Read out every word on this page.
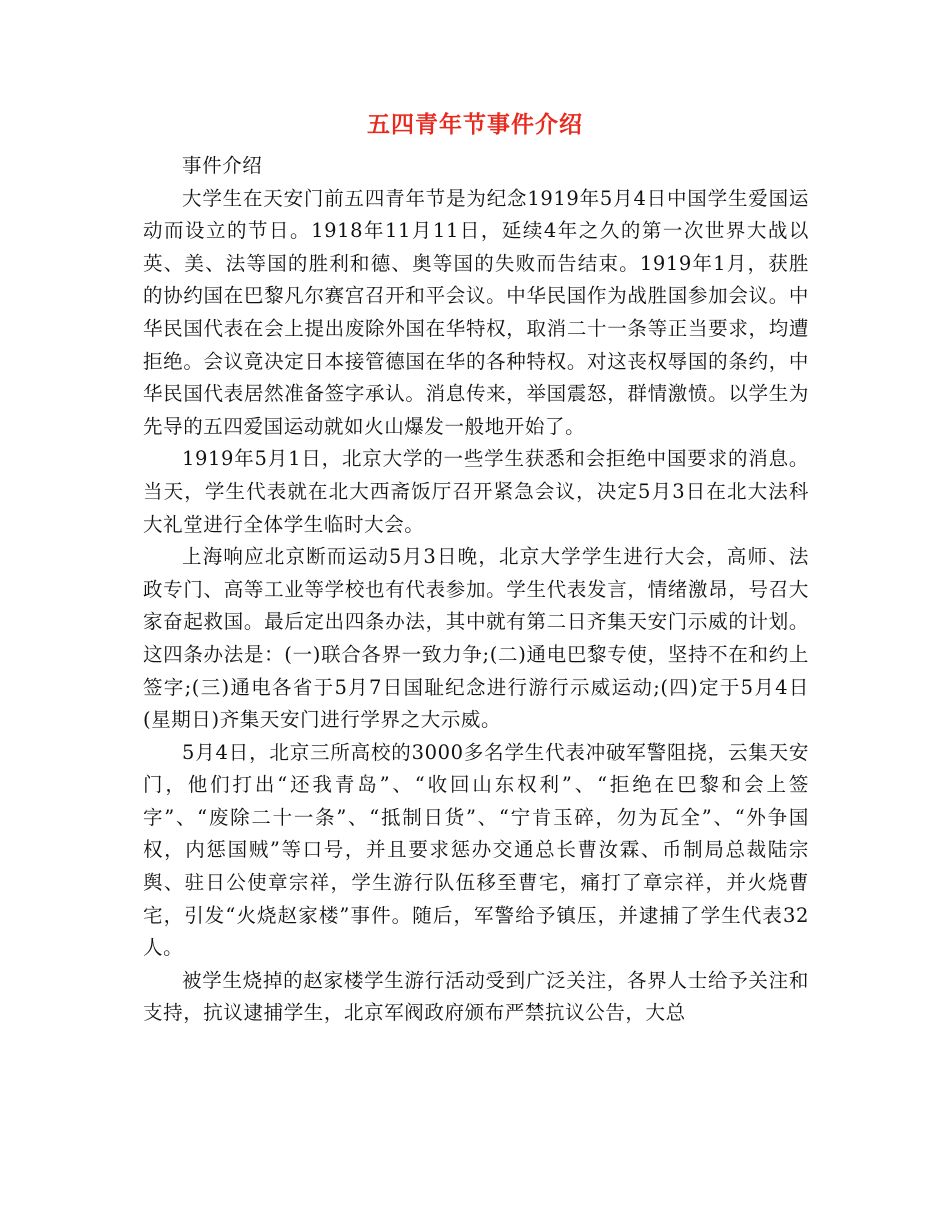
五四青年节事件介绍

事件介绍

大学生在天安门前五四青年节是为纪念1919年5月4日中国学生爱国运动而设立的节日。1918年11月11日，延续4年之久的第一次世界大战以英、美、法等国的胜利和德、奥等国的失败而告结束。1919年1月，获胜的协约国在巴黎凡尔赛宫召开和平会议。中华民国作为战胜国参加会议。中华民国代表在会上提出废除外国在华特权，取消二十一条等正当要求，均遭拒绝。会议竟决定日本接管德国在华的各种特权。对这丧权辱国的条约，中华民国代表居然准备签字承认。消息传来，举国震怒，群情激愤。以学生为先导的五四爱国运动就如火山爆发一般地开始了。

1919年5月1日，北京大学的一些学生获悉和会拒绝中国要求的消息。当天，学生代表就在北大西斋饭厅召开紧急会议，决定5月3日在北大法科大礼堂进行全体学生临时大会。

上海响应北京断而运动5月3日晚，北京大学学生进行大会，高师、法政专门、高等工业等学校也有代表参加。学生代表发言，情绪激昂，号召大家奋起救国。最后定出四条办法，其中就有第二日齐集天安门示威的计划。这四条办法是：(一)联合各界一致力争;(二)通电巴黎专使，坚持不在和约上签字;(三)通电各省于5月7日国耻纪念进行游行示威运动;(四)定于5月4日(星期日)齐集天安门进行学界之大示威。

5月4日，北京三所高校的3000多名学生代表冲破军警阻挠，云集天安门，他们打出“还我青岛”、“收回山东权利”、“拒绝在巴黎和会上签字”、“废除二十一条”、“抵制日货”、“宁肯玉碎，勿为瓦全”、“外争国权，内惩国贼”等口号，并且要求惩办交通总长曹汝霖、币制局总裁陆宗舆、驻日公使章宗祥，学生游行队伍移至曹宅，痛打了章宗祥，并火烧曹宅，引发“火烧赵家楼”事件。随后，军警给予镇压，并逮捕了学生代表32人。

被学生烧掉的赵家楼学生游行活动受到广泛关注，各界人士给予关注和支持，抗议逮捕学生，北京军阀政府颁布严禁抗议公告，大总
